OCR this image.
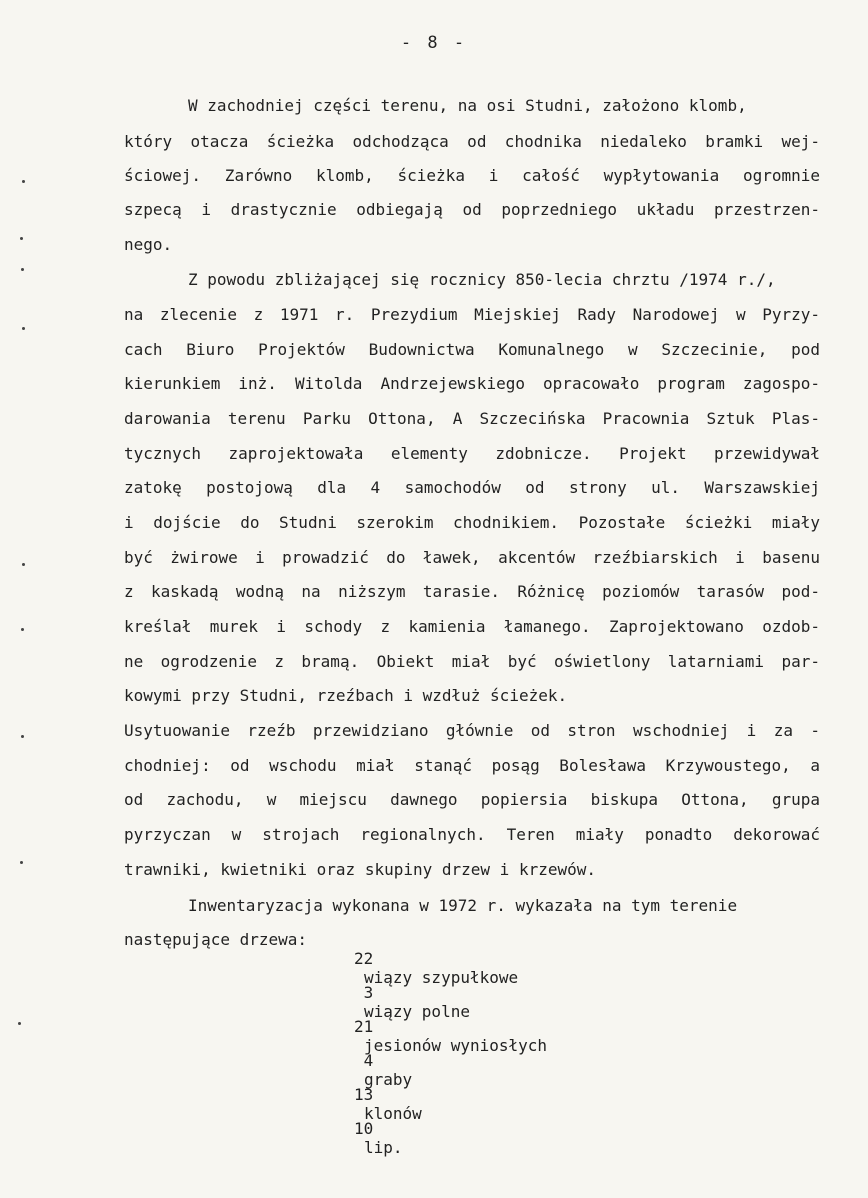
- 8 -
W zachodniej części terenu, na osi Studni, założono klomb,
który otacza ścieżka odchodząca od chodnika niedaleko bramki wej-
ściowej. Zarówno klomb, ścieżka i całość wypłytowania ogromnie
szpecą i drastycznie odbiegają od poprzedniego układu przestrzen-
nego.
Z powodu zbliżającej się rocznicy 850-lecia chrztu /1974 r./,
na zlecenie z 1971 r. Prezydium Miejskiej Rady Narodowej w Pyrzy-
cach Biuro Projektów Budownictwa Komunalnego w Szczecinie, pod
kierunkiem inż. Witolda Andrzejewskiego opracowało program zagospo-
darowania terenu Parku Ottona, A Szczecińska Pracownia Sztuk Plas-
tycznych zaprojektowała elementy zdobnicze. Projekt przewidywał
zatokę postojową dla 4 samochodów od strony ul. Warszawskiej
i dojście do Studni szerokim chodnikiem. Pozostałe ścieżki miały
być żwirowe i prowadzić do ławek, akcentów rzeźbiarskich i basenu
z kaskadą wodną na niższym tarasie. Różnicę poziomów tarasów pod-
kreślał murek i schody z kamienia łamanego. Zaprojektowano ozdob-
ne ogrodzenie z bramą. Obiekt miał być oświetlony latarniami par-
kowymi przy Studni, rzeźbach i wzdłuż ścieżek.
Usytuowanie rzeźb przewidziano głównie od stron wschodniej i za -
chodniej: od wschodu miał stanąć posąg Bolesława Krzywoustego, a
od zachodu, w miejscu dawnego popiersia biskupa Ottona, grupa
pyrzyczan w strojach regionalnych. Teren miały ponadto dekorować
trawniki, kwietniki oraz skupiny drzew i krzewów.
Inwentaryzacja wykonana w 1972 r. wykazała na tym terenie
następujące drzewa:

22

wiązy szypułkowe

3

wiązy polne

21

jesionów wyniosłych

4

graby

13

klonów

10

lip.
